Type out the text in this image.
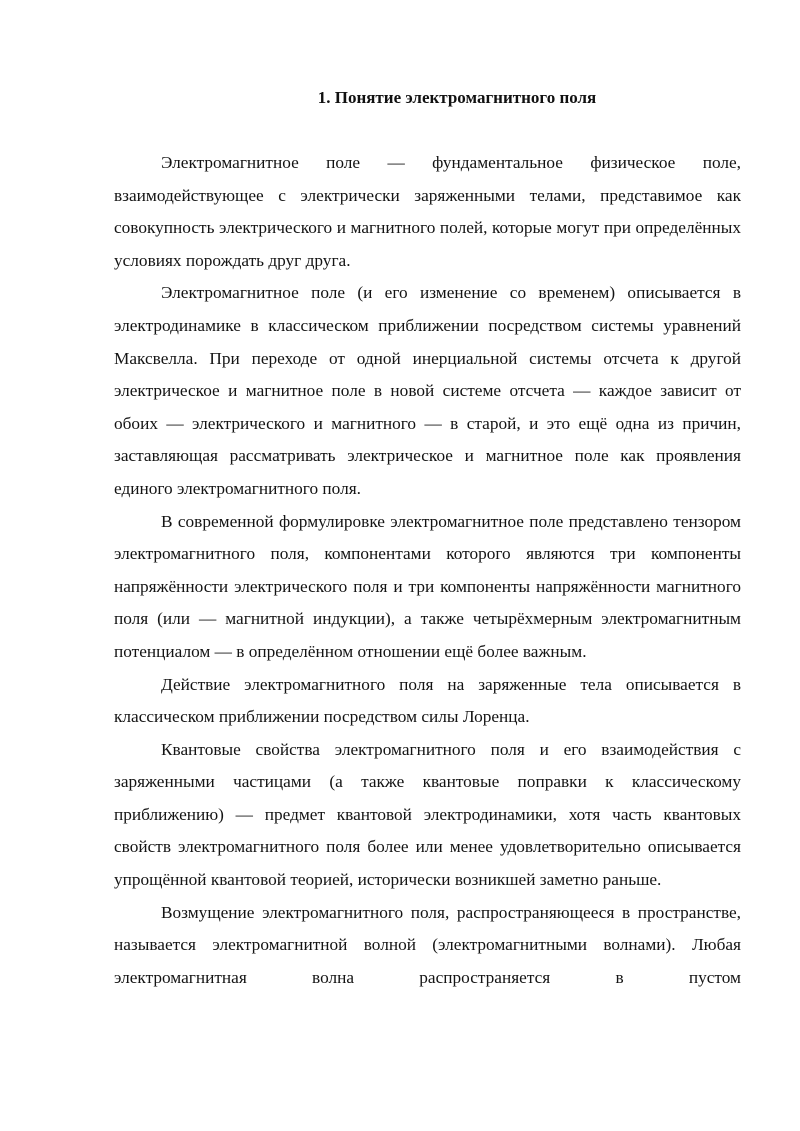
1. Понятие электромагнитного поля

Электромагнитное поле — фундаментальное физическое поле, взаимодействующее с электрически заряженными телами, представимое как совокупность электрического и магнитного полей, которые могут при определённых условиях порождать друг друга.

Электромагнитное поле (и его изменение со временем) описывается в электродинамике в классическом приближении посредством системы уравнений Максвелла. При переходе от одной инерциальной системы отсчета к другой электрическое и магнитное поле в новой системе отсчета — каждое зависит от обоих — электрического и магнитного — в старой, и это ещё одна из причин, заставляющая рассматривать электрическое и магнитное поле как проявления единого электромагнитного поля.

В современной формулировке электромагнитное поле представлено тензором электромагнитного поля, компонентами которого являются три компоненты напряжённости электрического поля и три компоненты напряжённости магнитного поля (или — магнитной индукции), а также четырёхмерным электромагнитным потенциалом — в определённом отношении ещё более важным.

Действие электромагнитного поля на заряженные тела описывается в классическом приближении посредством силы Лоренца.

Квантовые свойства электромагнитного поля и его взаимодействия с заряженными частицами (а также квантовые поправки к классическому приближению) — предмет квантовой электродинамики, хотя часть квантовых свойств электромагнитного поля более или менее удовлетворительно описывается упрощённой квантовой теорией, исторически возникшей заметно раньше.

Возмущение электромагнитного поля, распространяющееся в пространстве, называется электромагнитной волной (электромагнитными волнами). Любая электромагнитная волна распространяется в пустом
